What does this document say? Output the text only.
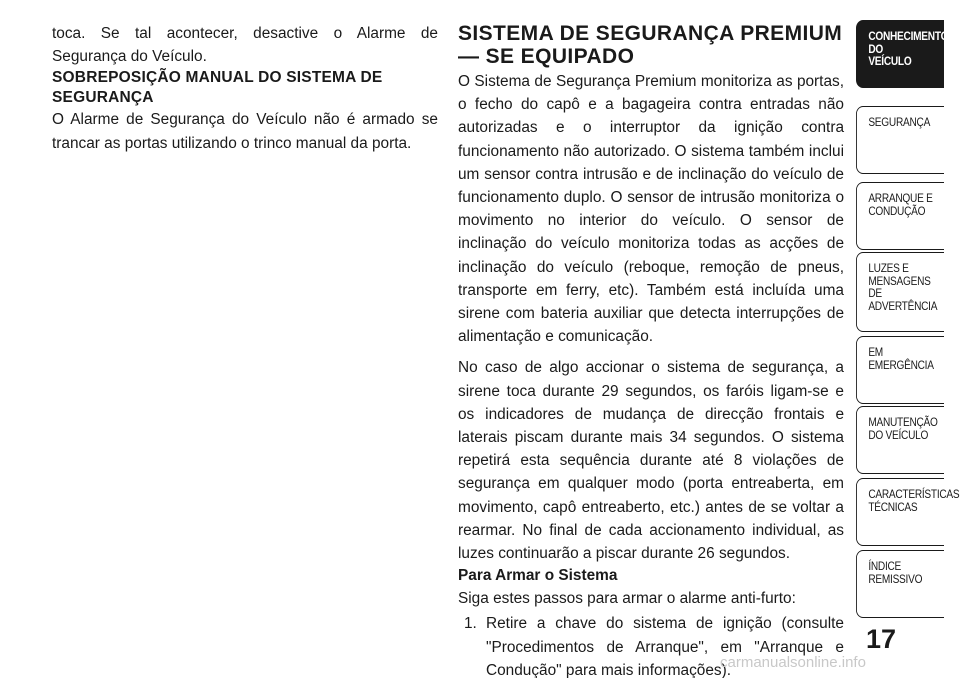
toca. Se tal acontecer, desactive o Alarme de Segurança do Veículo.

SOBREPOSIÇÃO MANUAL DO SISTEMA DE SEGURANÇA

O Alarme de Segurança do Veículo não é armado se trancar as portas utilizando o trinco manual da porta.

SISTEMA DE SEGURANÇA PREMIUM — SE EQUIPADO

O Sistema de Segurança Premium monitoriza as portas, o fecho do capô e a bagageira contra entradas não autorizadas e o interruptor da ignição contra funcionamento não autorizado. O sistema também inclui um sensor contra intrusão e de inclinação do veículo de funcionamento duplo. O sensor de intrusão monitoriza o movimento no interior do veículo. O sensor de inclinação do veículo monitoriza todas as acções de inclinação do veículo (reboque, remoção de pneus, transporte em ferry, etc). Também está incluída uma sirene com bateria auxiliar que detecta interrupções de alimentação e comunicação.

No caso de algo accionar o sistema de segurança, a sirene toca durante 29 segundos, os faróis ligam-se e os indicadores de mudança de direcção frontais e laterais piscam durante mais 34 segundos. O sistema repetirá esta sequência durante até 8 violações de segurança em qualquer modo (porta entreaberta, em movimento, capô entreaberto, etc.) antes de se voltar a rearmar. No final de cada accionamento individual, as luzes continuarão a piscar durante 26 segundos.

Para Armar o Sistema

Siga estes passos para armar o alarme anti-furto:

1. Retire a chave do sistema de ignição (consulte "Procedimentos de Arranque", em "Arranque e Condução" para mais informações).
CONHECIMENTO
DO
VEÍCULO
SEGURANÇA
ARRANQUE E
CONDUÇÃO
LUZES E
MENSAGENS
DE
ADVERTÊNCIA
EM
EMERGÊNCIA
MANUTENÇÃO
DO VEÍCULO
CARACTERÍSTICAS
TÉCNICAS
ÍNDICE
REMISSIVO
17
carmanualsonline.info
